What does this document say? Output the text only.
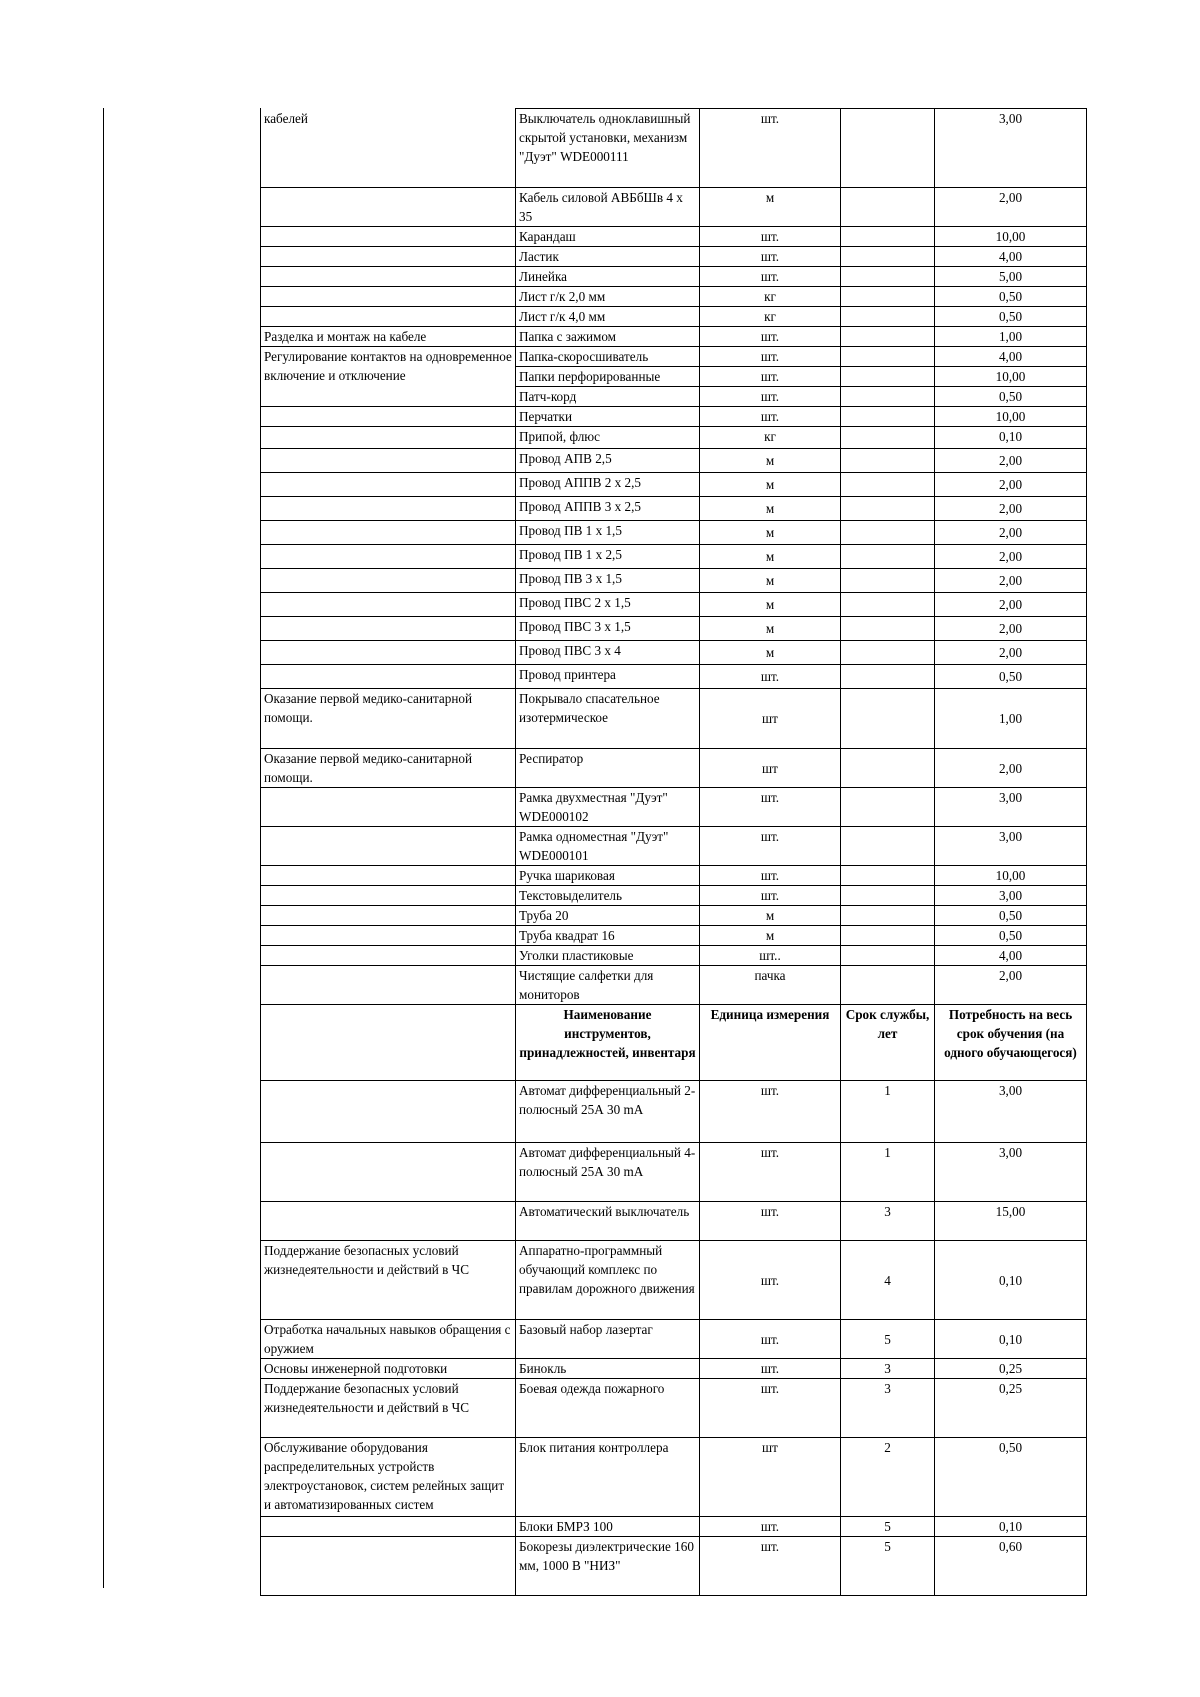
кабелей	Выключатель одноклавишный скрытой установки, механизм "Дуэт" WDE000111	шт.		3,00
	Кабель силовой АВБбШв 4 x 35	м		2,00
	Карандаш	шт.		10,00
	Ластик	шт.		4,00
	Линейка	шт.		5,00
	Лист г/к 2,0 мм	кг		0,50
	Лист г/к 4,0 мм	кг		0,50
Разделка и монтаж на кабеле	Папка с зажимом	шт.		1,00
Регулирование контактов на одновременное включение и отключение	Папка-скоросшиватель	шт.		4,00
	Папки перфорированные	шт.		10,00
	Патч-корд	шт.		0,50
	Перчатки	шт.		10,00
	Припой, флюс	кг		0,10
	Провод АПВ 2,5	м		2,00
	Провод АППВ 2 x 2,5	м		2,00
	Провод АППВ 3 x 2,5	м		2,00
	Провод ПВ 1 x 1,5	м		2,00
	Провод ПВ 1 x 2,5	м		2,00
	Провод ПВ 3 x 1,5	м		2,00
	Провод ПВС 2 x 1,5	м		2,00
	Провод ПВС 3 x 1,5	м		2,00
	Провод ПВС 3 x 4	м		2,00
	Провод принтера	шт.		0,50
Оказание первой медико-санитарной помощи.	Покрывало спасательное изотермическое	шт		1,00
Оказание первой медико-санитарной помощи.	Респиратор	шт		2,00
	Рамка двухместная "Дуэт" WDE000102	шт.		3,00
	Рамка одноместная "Дуэт" WDE000101	шт.		3,00
	Ручка шариковая	шт.		10,00
	Текстовыделитель	шт.		3,00
	Труба 20	м		0,50
	Труба квадрат 16	м		0,50
	Уголки пластиковые	шт..		4,00
	Чистящие салфетки для мониторов	пачка		2,00
	Наименование инструментов, принадлежностей, инвентаря	Единица измерения	Срок службы, лет	Потребность на весь срок обучения (на одного обучающегося)
	Автомат дифференциальный 2-полюсный 25А 30 mA	шт.	1	3,00
	Автомат дифференциальный 4-полюсный 25А 30 mA	шт.	1	3,00
	Автоматический выключатель	шт.	3	15,00
Поддержание безопасных условий жизнедеятельности и действий в ЧС	Аппаратно-программный обучающий комплекс по правилам дорожного движения	шт.	4	0,10
Отработка начальных навыков обращения с оружием	Базовый набор лазертаг	шт.	5	0,10
Основы инженерной подготовки	Бинокль	шт.	3	0,25
Поддержание безопасных условий жизнедеятельности и действий в ЧС	Боевая одежда пожарного	шт.	3	0,25
Обслуживание оборудования распределительных устройств электроустановок, систем релейных защит и автоматизированных систем	Блок питания контроллера	шт	2	0,50
	Блоки БМРЗ 100	шт.	5	0,10
	Бокорезы диэлектрические 160 мм, 1000 В "НИЗ"	шт.	5	0,60
